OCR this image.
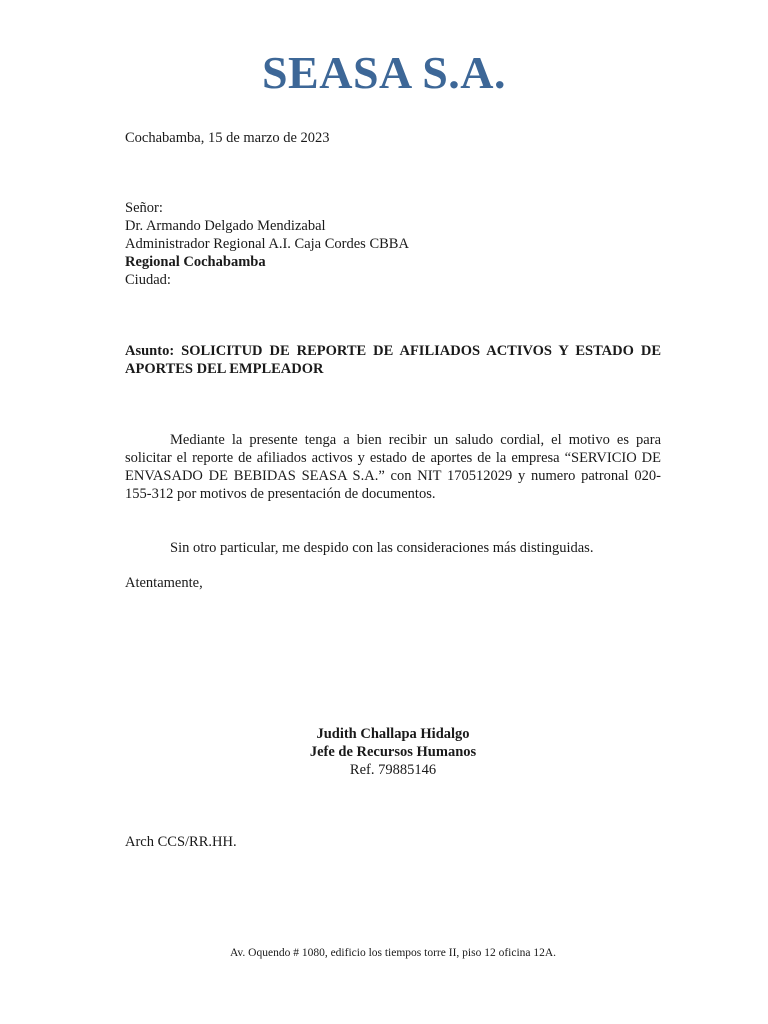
SEASA S.A.

Cochabamba, 15 de marzo de 2023

Señor:
Dr. Armando Delgado Mendizabal
Administrador Regional A.I. Caja Cordes CBBA
Regional Cochabamba
Ciudad:

Asunto: SOLICITUD DE REPORTE DE AFILIADOS ACTIVOS Y ESTADO DE APORTES DEL EMPLEADOR

Mediante la presente tenga a bien recibir un saludo cordial, el motivo es para solicitar el reporte de afiliados activos y estado de aportes de la empresa “SERVICIO DE ENVASADO DE BEBIDAS SEASA S.A.” con NIT 170512029 y numero patronal 020-155-312 por motivos de presentación de documentos.

Sin otro particular, me despido con las consideraciones más distinguidas.

Atentamente,

Judith Challapa Hidalgo
Jefe de Recursos Humanos
Ref. 79885146

Arch CCS/RR.HH.

Av. Oquendo # 1080, edificio los tiempos torre II, piso 12 oficina 12A.
